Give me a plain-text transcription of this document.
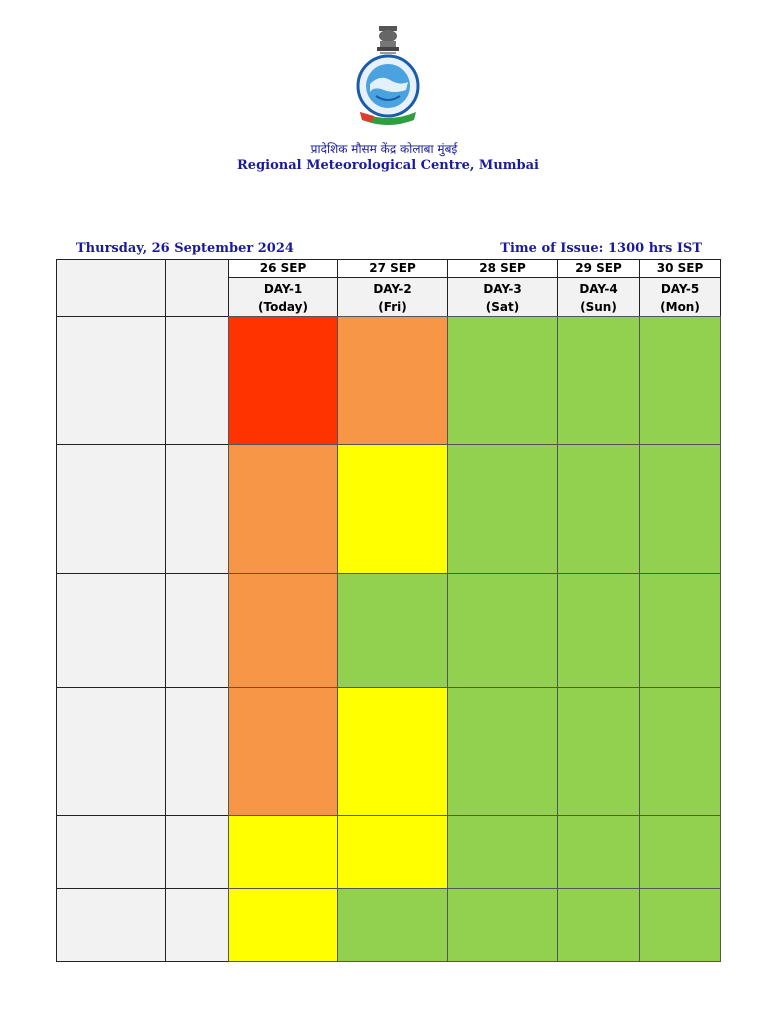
प्रादेशिक मौसम केंद्र कोलाबा मुंबई
Regional Meteorological Centre, Mumbai
Thursday, 26 September 2024	Time of Issue: 1300 hrs IST
26 SEP
DAY-1
(Today)
27 SEP
DAY-2
(Fri)
28 SEP
DAY-3
(Sat)
29 SEP
DAY-4
(Sun)
30 SEP
DAY-5
(Mon)
